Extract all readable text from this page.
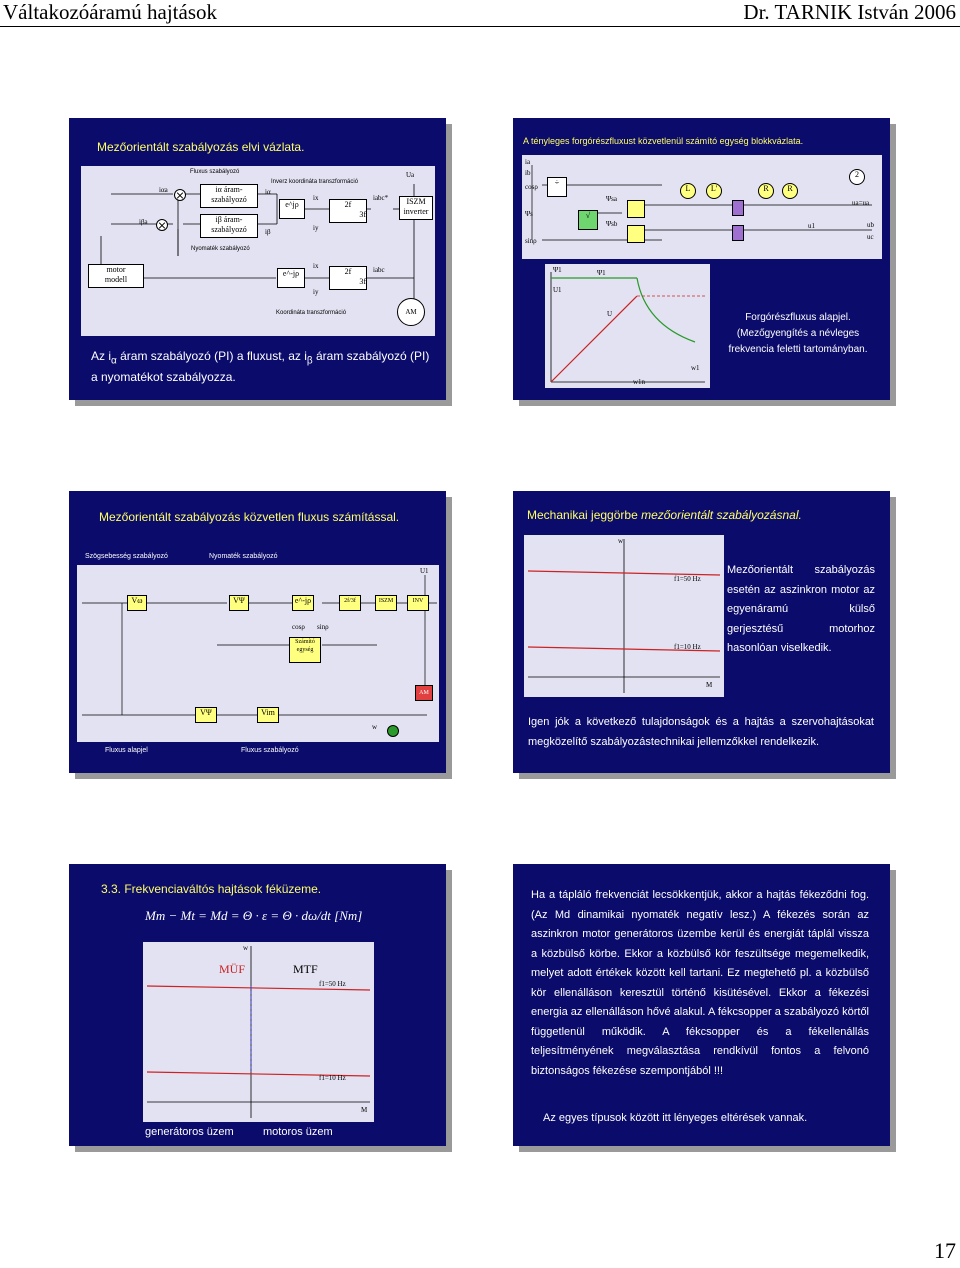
Váltakozóáramú hajtások	Dr. TARNIK István 2006
Mezőorientált szabályozás elvi vázlata.
Fluxus szabályozó
Inverz koordináta transzformáció
iαa
iβa
iα áram-
szabályozó
iβ áram-
szabályozó
iα
iβ
e^jρ
ix
iy
2f
3f
iabc*	ISZM
inverter
Ua
Nyomaték szabályozó
motor
modell
e^-jρ
ix
iy
2f
3f
iabc
Koordináta transzformáció	AM
Az $i_\alpha$ áram szabályozó (PI) a fluxust, az $i_\beta$ áram szabályozó (PI) a nyomatékot szabályozza.
A tényleges forgórészfluxust közvetlenül számító egység blokkvázlata.
ia
ib
cosρ
Ψs
sinρ
÷
√
L	L'	R	R
2
u1
ua=ua
ub
uc
Ψsa
Ψsb
Ψ1
U1
U
Ψ1
w1
w1n
Forgórészfluxus alapjel.
(Mezőgyengítés a névleges
frekvencia feletti tartományban.
Mezőorientált szabályozás közvetlen fluxus számítással.
Szögsebesség szabályozó	Nyomaték szabályozó
Vω	VΨ	e^-jρ	2f/3f	ISZM	INV
Számító egység
cosρ sinρ
VΨ	Vim
AM
w
U1
Fluxus alapjel	Fluxus szabályozó
Mechanikai jeggörbe mezőorientált szabályozásnal.
w
f1=50 Hz
f1=10 Hz
M
Mezőorientált szabályozás esetén az aszinkron motor az egyenáramú külső gerjesztésű motorhoz hasonlóan viselkedik.
Igen jók a következő tulajdonságok és a hajtás a szervohajtásokat megközelítő szabályozástechnikai jellemzőkkel rendelkezik.
3.3. Frekvenciaváltós hajtások féküzeme.
Mm − Mt = Md = Θ · ε = Θ · dω/dt [Nm]
w
MÜF	MTF
f1=50 Hz
f1=10 Hz
M
generátoros üzem	motoros üzem
Ha a tápláló frekvenciát lecsökkentjük, akkor a hajtás fékeződni fog. (Az Md dinamikai nyomaték negatív lesz.) A fékezés során az aszinkron motor generátoros üzembe kerül és energiát táplál vissza a közbülső körbe. Ekkor a közbülső kör feszültsége megemelkedik, melyet adott értékek között kell tartani. Ez megtehető pl. a közbülső kör ellenálláson keresztül történő kisütésével. Ekkor a fékezési energia az ellenálláson hővé alakul. A fékcsopper a szabályozó körtől függetlenül működik. A fékcsopper és a fékellenállás teljesítményének megválasztása rendkívül fontos a felvonó biztonságos fékezése szempontjából !!!
Az egyes típusok között itt lényeges eltérések vannak.
17
